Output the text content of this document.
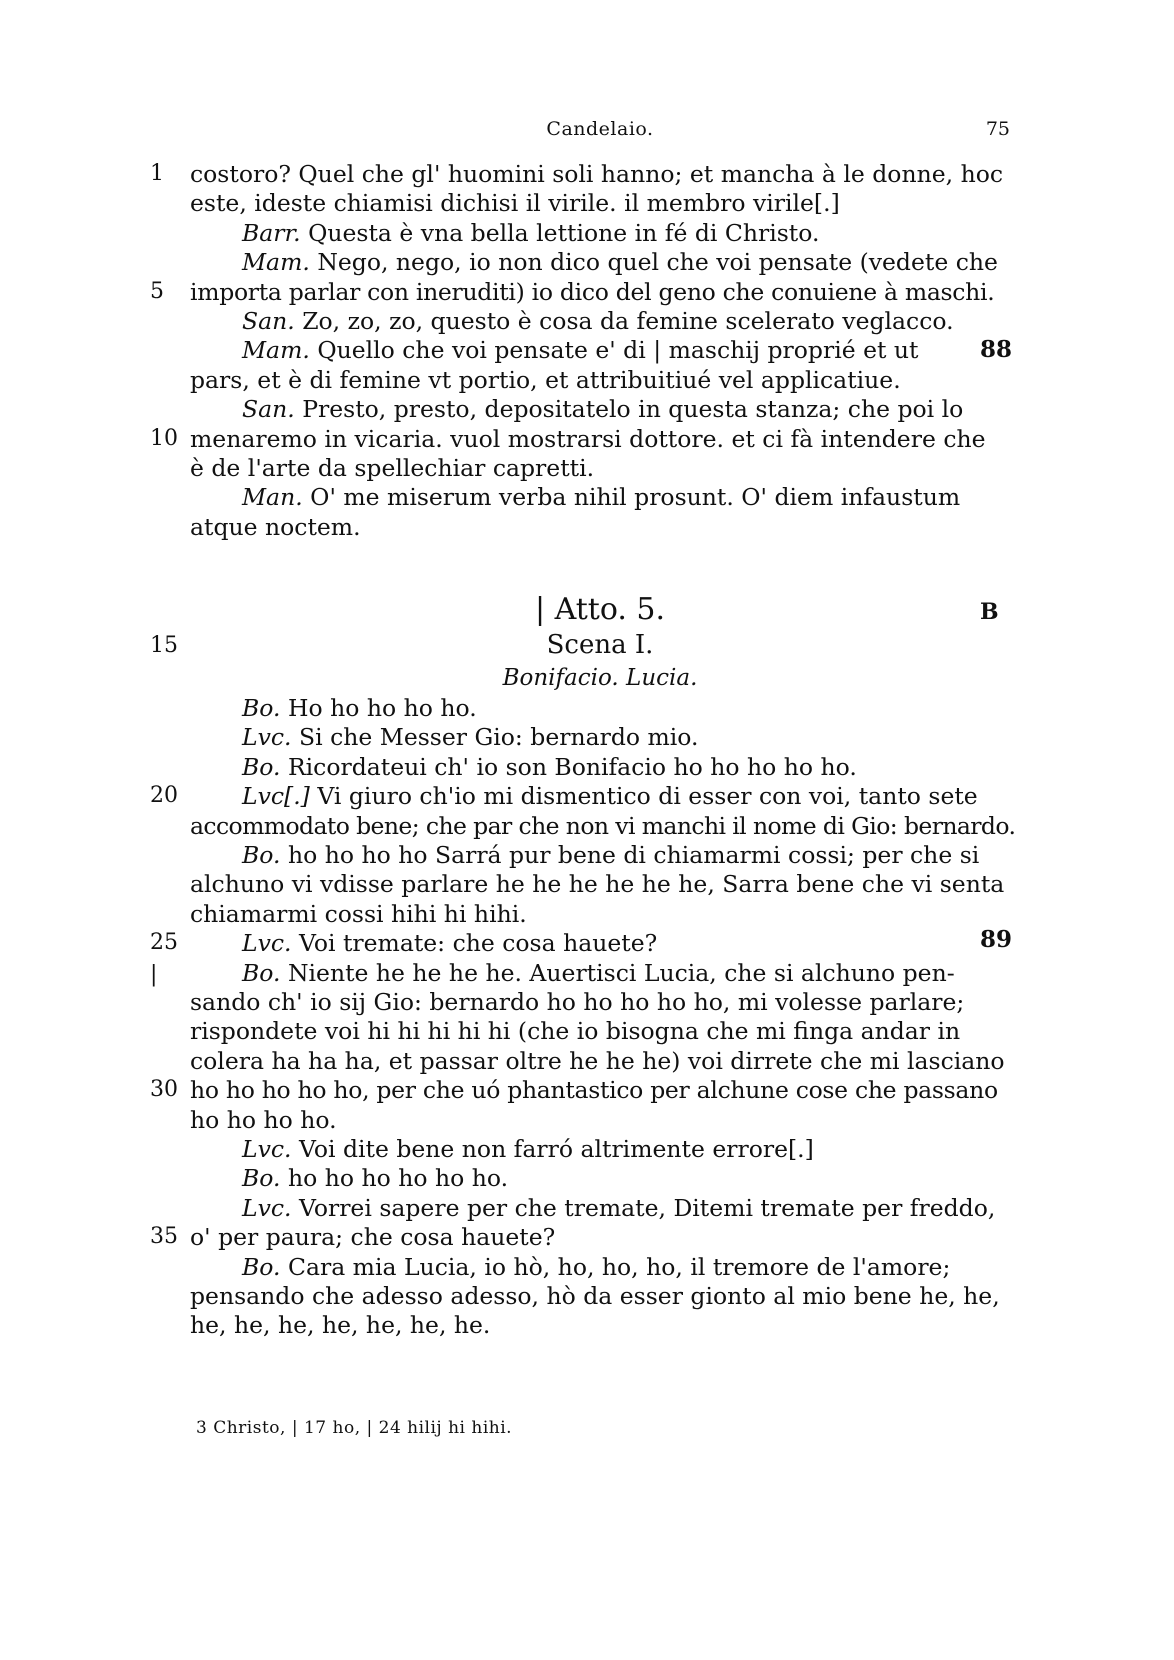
Candelaio.	75
1	costoro? Quel che gl' huomini soli hanno; et mancha à le donne, hoc
este, ideste chiamisi dichisi il virile. il membro virile[.]
Barr. Questa è vna bella lettione in fé di Christo.
Mam. Nego, nego, io non dico quel che voi pensate (vedete che
5	importa parlar con ineruditi) io dico del geno che conuiene à maschi.
San. Zo, zo, zo, questo è cosa da femine scelerato veglacco.
Mam. Quello che voi pensate e' di | maschij proprié et ut
pars, et è di femine vt portio, et attribuitiué vel applicatiue.
San. Presto, presto, depositatelo in questa stanza; che poi lo
10 menaremo in vicaria. vuol mostrarsi dottore. et ci fà intendere che
è de l'arte da spellechiar capretti.
Man. O' me miserum verba nihil prosunt. O' diem infaustum
atque noctem.
Bo. Ho ho ho ho ho.
Lvc. Si che Messer Gio: bernardo mio.
Bo. Ricordateui ch' io son Bonifacio ho ho ho ho ho.
20	Lvc[.] Vi giuro ch'io mi dismentico di esser con voi, tanto sete
accommodato bene; che par che non vi manchi il nome di Gio: bernardo.
Bo. ho ho ho ho Sarrá pur bene di chiamarmi cossi; per che si
alchuno vi vdisse parlare he he he he he he, Sarra bene che vi senta
chiamarmi cossi hihi hi hihi.
25 |
Lvc. Voi tremate: che cosa hauete?
Bo. Niente he he he he. Auertisci Lucia, che si alchuno pen-
sando ch' io sij Gio: bernardo ho ho ho ho ho, mi volesse parlare;
rispondete voi hi hi hi hi hi (che io bisogna che mi finga andar in
colera ha ha ha, et passar oltre he he he) voi dirrete che mi lasciano
30 ho ho ho ho ho, per che uó phantastico per alchune cose che passano
ho ho ho ho.
Lvc. Voi dite bene non farró altrimente errore[.]
Bo. ho ho ho ho ho ho.
Lvc. Vorrei sapere per che tremate, Ditemi tremate per freddo,
35 o' per paura; che cosa hauete?
Bo. Cara mia Lucia, io hò, ho, ho, ho, il tremore de l'amore;
pensando che adesso adesso, hò da esser gionto al mio bene he, he,
he, he, he, he, he, he, he.
88
89
| Atto. 5.	B
15	Scena I.
Bonifacio. Lucia.
3 Christo, | 17 ho, | 24 hilij hi hihi.
